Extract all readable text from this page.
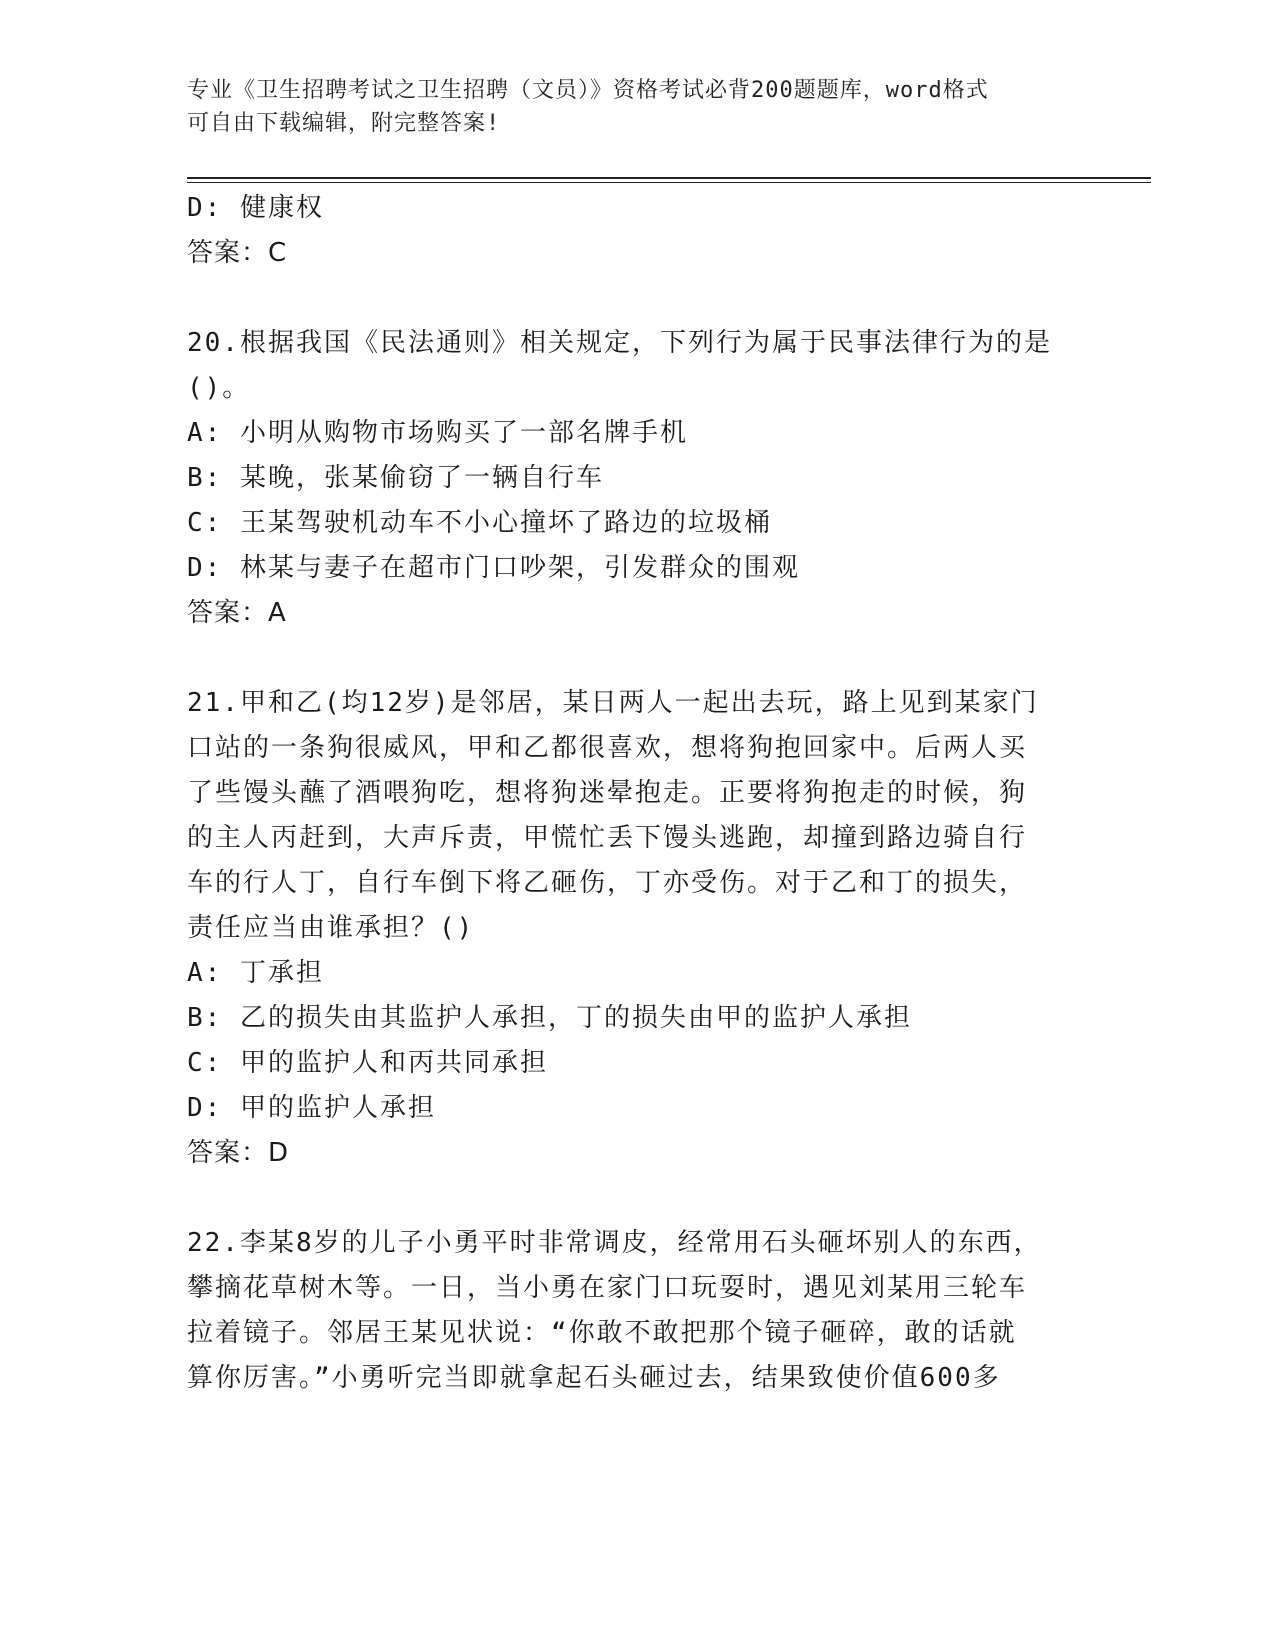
专业《卫生招聘考试之卫生招聘（文员）》资格考试必背200题题库，word格式
可自由下载编辑，附完整答案!
D: 健康权
答案：C
20.根据我国《民法通则》相关规定，下列行为属于民事法律行为的是
()。
A: 小明从购物市场购买了一部名牌手机
B: 某晚，张某偷窃了一辆自行车
C: 王某驾驶机动车不小心撞坏了路边的垃圾桶
D: 林某与妻子在超市门口吵架，引发群众的围观
答案：A
21.甲和乙(均12岁)是邻居，某日两人一起出去玩，路上见到某家门
口站的一条狗很威风，甲和乙都很喜欢，想将狗抱回家中。后两人买
了些馒头蘸了酒喂狗吃，想将狗迷晕抱走。正要将狗抱走的时候，狗
的主人丙赶到，大声斥责，甲慌忙丢下馒头逃跑，却撞到路边骑自行
车的行人丁，自行车倒下将乙砸伤，丁亦受伤。对于乙和丁的损失，
责任应当由谁承担？()
A: 丁承担
B: 乙的损失由其监护人承担，丁的损失由甲的监护人承担
C: 甲的监护人和丙共同承担
D: 甲的监护人承担
答案：D
22.李某8岁的儿子小勇平时非常调皮，经常用石头砸坏别人的东西，
攀摘花草树木等。一日，当小勇在家门口玩耍时，遇见刘某用三轮车
拉着镜子。邻居王某见状说：“你敢不敢把那个镜子砸碎，敢的话就
算你厉害。”小勇听完当即就拿起石头砸过去，结果致使价值600多
